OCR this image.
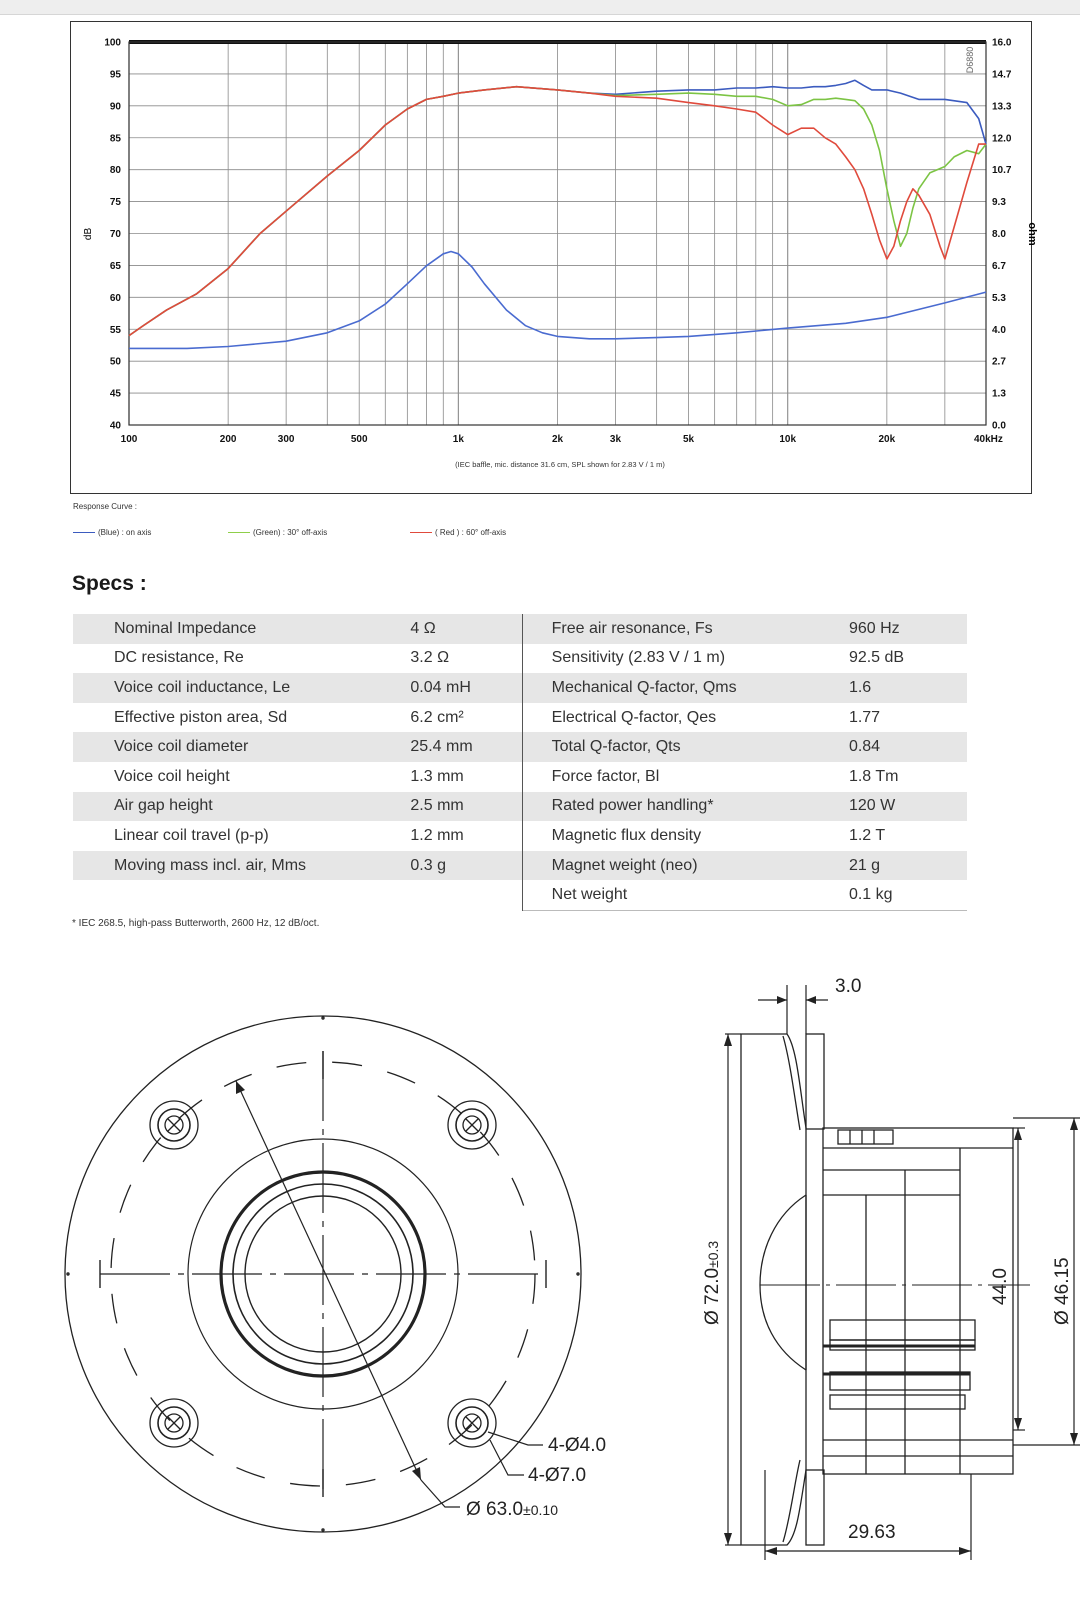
dB	ohm
D6880
(IEC baffle, mic. distance 31.6 cm, SPL shown for 2.83 V / 1 m)
40
45
50
55
60
65
70
75
80
85
90
95
100
0.0
1.3
2.7
4.0
5.3
6.7
8.0
9.3
10.7
12.0
13.3
14.7
16.0
100	200	300	500	1k	2k	3k	5k	10k	20k	40kHz
Response Curve :
(Blue) : on axis	(Green) : 30° off-axis	( Red ) : 60° off-axis
Specs :
Nominal Impedance	4 Ω	Free air resonance, Fs	960 Hz
DC resistance, Re	3.2 Ω	Sensitivity (2.83 V / 1 m)	92.5 dB
Voice coil inductance, Le	0.04 mH	Mechanical Q-factor, Qms	1.6
Effective piston area, Sd	6.2 cm²	Electrical Q-factor, Qes	1.77
Voice coil diameter	25.4 mm	Total Q-factor, Qts	0.84
Voice coil height	1.3 mm	Force factor, Bl	1.8 Tm
Air gap height	2.5 mm	Rated power handling*	120 W
Linear coil travel (p-p)	1.2 mm	Magnetic flux density	1.2 T
Moving mass incl. air, Mms	0.3 g	Magnet weight (neo)	21 g
		Net weight	0.1 kg
* IEC 268.5, high-pass Butterworth, 2600 Hz, 12 dB/oct.
4-Ø4.0
4-Ø7.0
Ø 63.0±0.10
3.0
Ø 72.0±0.3
44.0 Ø 46.15
29.63
